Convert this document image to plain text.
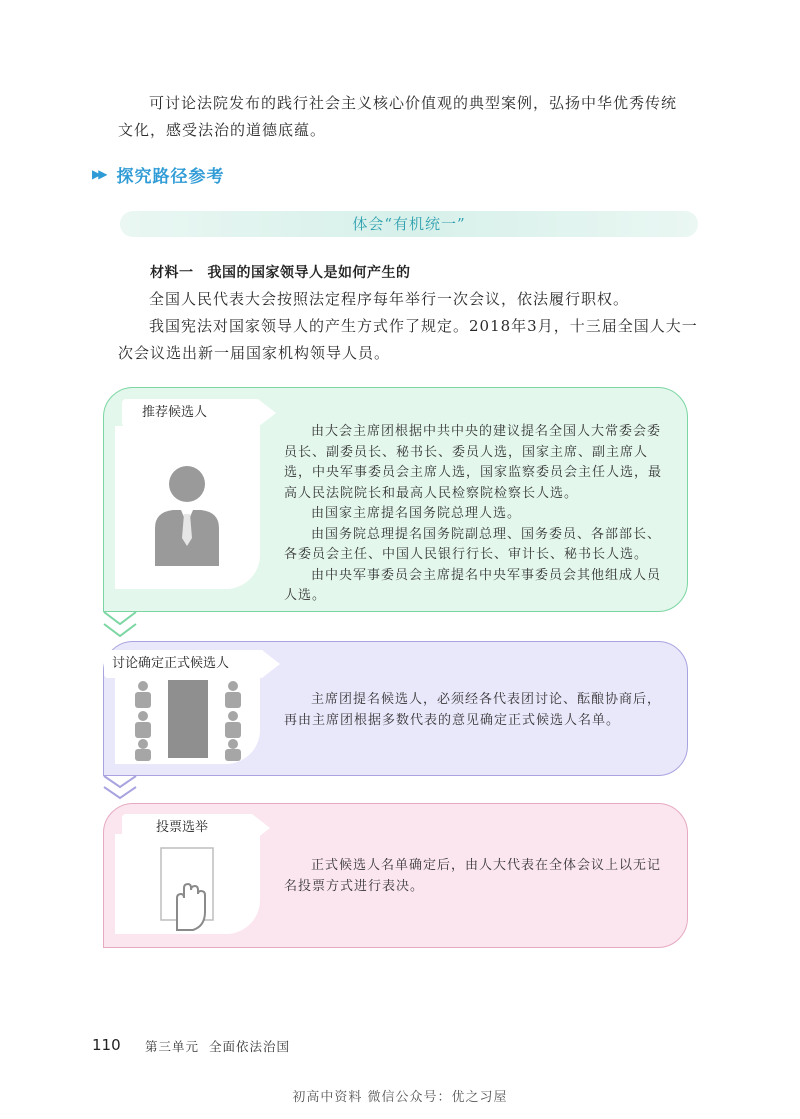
可讨论法院发布的践行社会主义核心价值观的典型案例，弘扬中华优秀传统
文化，感受法治的道德底蕴。
▶▶ 探究路径参考
体会“有机统一”
材料一 我国的国家领导人是如何产生的
全国人民代表大会按照法定程序每年举行一次会议，依法履行职权。
我国宪法对国家领导人的产生方式作了规定。2018年3月，十三届全国人大一
次会议选出新一届国家机构领导人员。
推荐候选人

由大会主席团根据中共中央的建议提名全国人大常委会委员长、副委员长、秘书长、委员人选，国家主席、副主席人选，中央军事委员会主席人选，国家监察委员会主任人选，最高人民法院院长和最高人民检察院检察长人选。

由国家主席提名国务院总理人选。

由国务院总理提名国务院副总理、国务委员、各部部长、各委员会主任、中国人民银行行长、审计长、秘书长人选。

由中央军事委员会主席提名中央军事委员会其他组成人员人选。

讨论确定正式候选人

主席团提名候选人，必须经各代表团讨论、酝酿协商后，再由主席团根据多数代表的意见确定正式候选人名单。

投票选举

正式候选人名单确定后，由人大代表在全体会议上以无记名投票方式进行表决。

110 第三单元 全面依法治国
初高中资料 微信公众号：优之习屋
